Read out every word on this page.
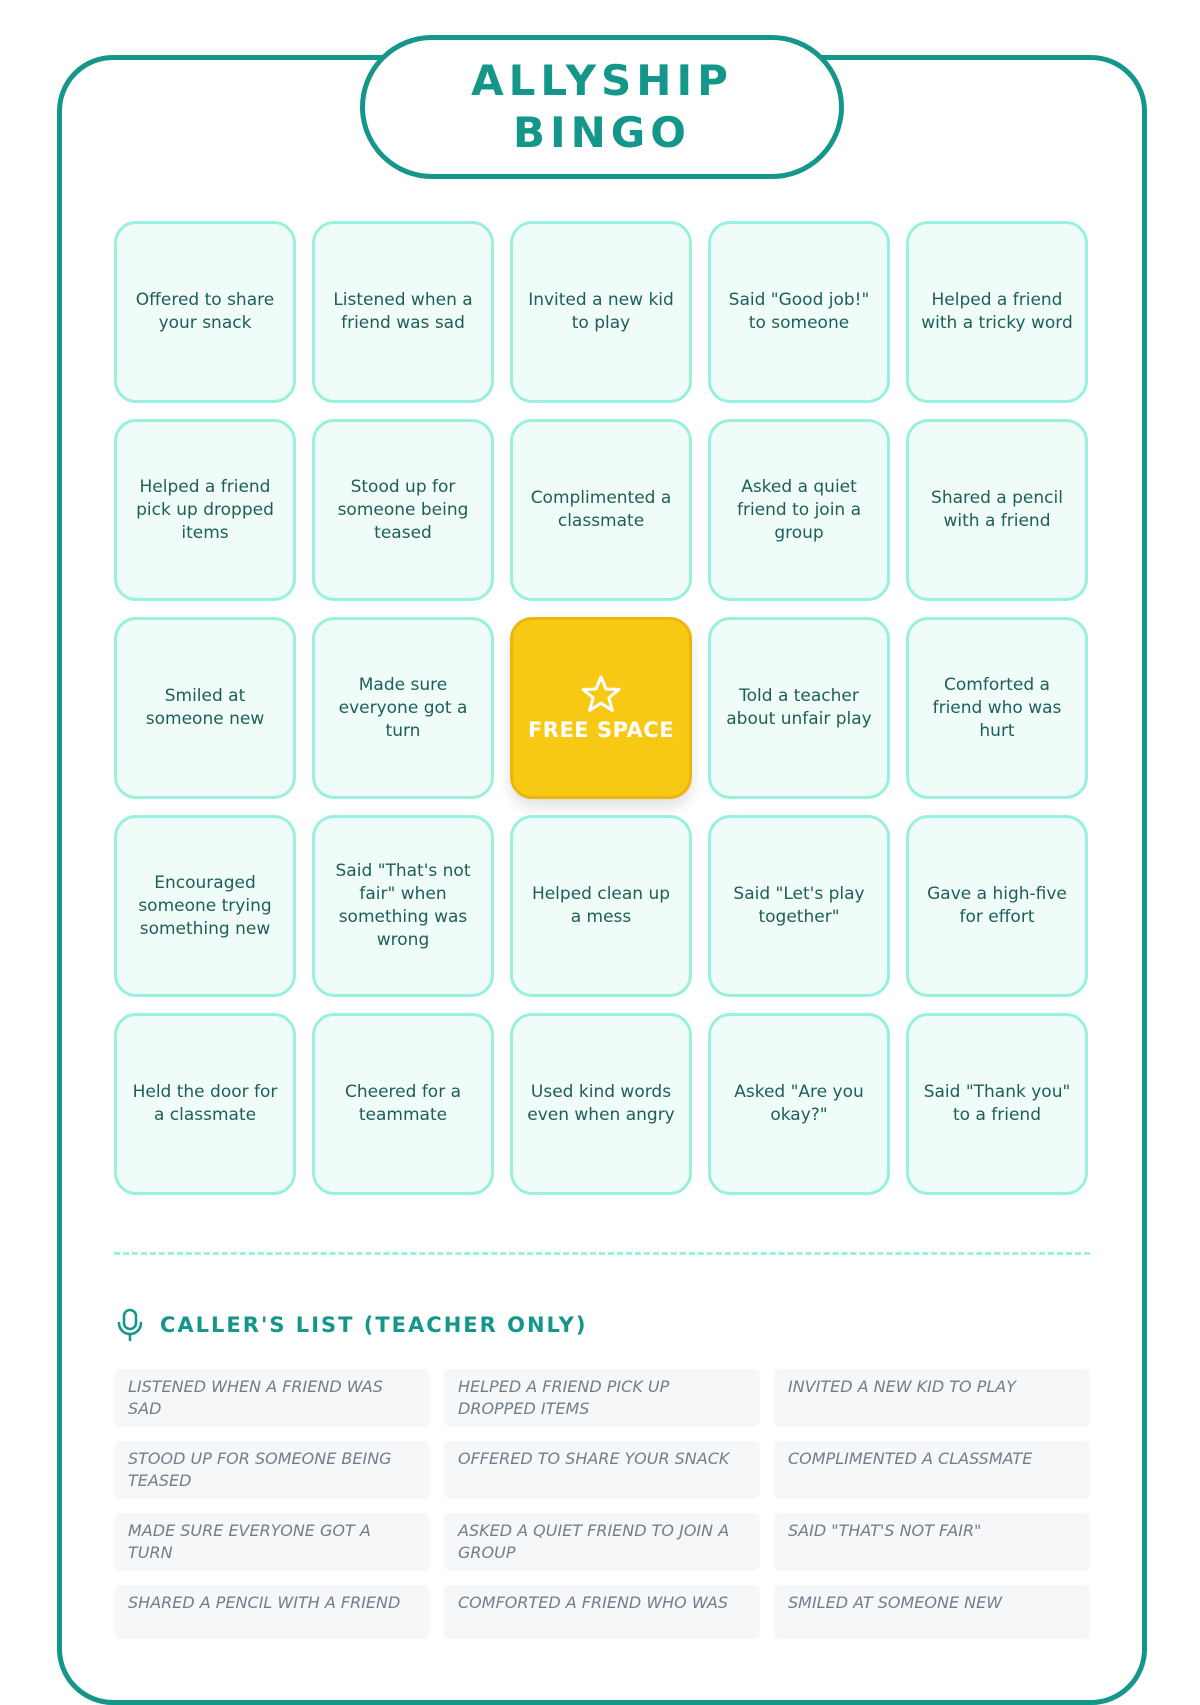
ALLYSHIP
BINGO
Offered to share your snack
Listened when a friend was sad
Invited a new kid to play
Said "Good job!" to someone
Helped a friend with a tricky word
Helped a friend pick up dropped items
Stood up for someone being teased
Complimented a classmate
Asked a quiet friend to join a group
Shared a pencil with a friend
Smiled at someone new
Made sure everyone got a turn	FREE SPACE
Told a teacher about unfair play
Comforted a friend who was hurt
Encouraged someone trying something new
Said "That's not fair" when something was wrong
Helped clean up a mess
Said "Let's play together"
Gave a high-five for effort
Held the door for a classmate
Cheered for a teammate
Used kind words even when angry
Asked "Are you okay?"
Said "Thank you" to a friend
CALLER'S LIST (TEACHER ONLY)
LISTENED WHEN A FRIEND WAS SAD
HELPED A FRIEND PICK UP DROPPED ITEMS
INVITED A NEW KID TO PLAY
STOOD UP FOR SOMEONE BEING TEASED
OFFERED TO SHARE YOUR SNACK	COMPLIMENTED A CLASSMATE
MADE SURE EVERYONE GOT A TURN
ASKED A QUIET FRIEND TO JOIN A GROUP
SAID "THAT'S NOT FAIR"
SHARED A PENCIL WITH A FRIEND	COMFORTED A FRIEND WHO WAS	SMILED AT SOMEONE NEW
